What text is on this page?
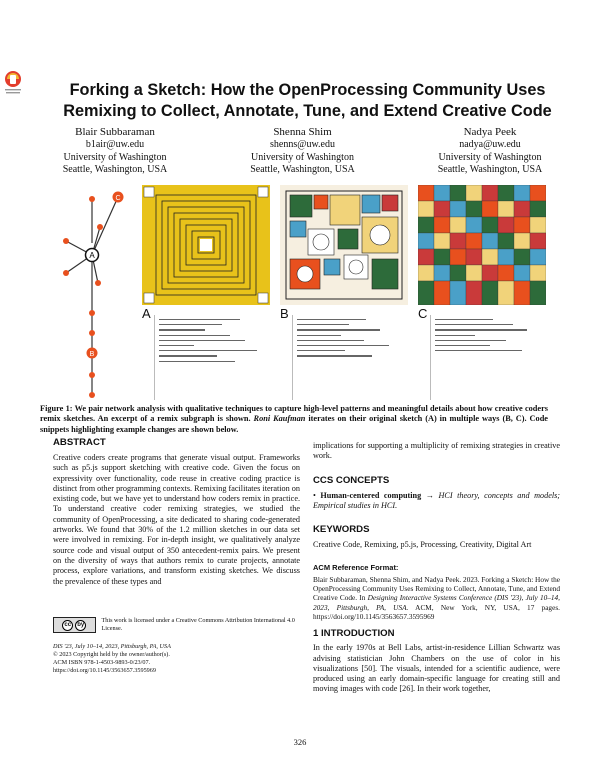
Forking a Sketch: How the OpenProcessing Community Uses Remixing to Collect, Annotate, Tune, and Extend Creative Code
Blair Subbaraman
b1air@uw.edu
University of Washington
Seattle, Washington, USA
Shenna Shim
shenns@uw.edu
University of Washington
Seattle, Washington, USA
Nadya Peek
nadya@uw.edu
University of Washington
Seattle, Washington, USA
A
B
C
A	B	C
Figure 1: We pair network analysis with qualitative techniques to capture high-level patterns and meaningful details about how creative coders remix sketches. An excerpt of a remix subgraph is shown. Roni Kaufman iterates on their original sketch (A) in multiple ways (B, C). Code snippets highlighting example changes are shown below.
ABSTRACT

Creative coders create programs that generate visual output. Frameworks such as p5.js support sketching with creative code. Given the focus on expressivity over functionality, code reuse in creative coding practice is distinct from other programming contexts. Remixing facilitates iteration on existing code, but we have yet to understand how coders remix in practice. To understand creative coder remixing strategies, we studied the community of OpenProcessing, a site dedicated to sharing code-generated artworks. We found that 30% of the 1.2 million sketches in our data set were involved in remixing. For in-depth insight, we qualitatively analyze source code and visual output of 350 antecedent-remix pairs. We present on the diversity of ways that authors remix to curate projects, annotate process, explore variations, and transform existing sketches. We discuss the prevalence of these types and

implications for supporting a multiplicity of remixing strategies in creative work.
CCS CONCEPTS

• Human-centered computing → HCI theory, concepts and models; Empirical studies in HCI.

KEYWORDS

Creative Code, Remixing, p5.js, Processing, Creativity, Digital Art

ACM Reference Format:

Blair Subbaraman, Shenna Shim, and Nadya Peek. 2023. Forking a Sketch: How the OpenProcessing Community Uses Remixing to Collect, Annotate, Tune, and Extend Creative Code. In Designing Interactive Systems Conference (DIS '23), July 10–14, 2023, Pittsburgh, PA, USA. ACM, New York, NY, USA, 17 pages. https://doi.org/10.1145/3563657.3595969

cc	by
This work is licensed under a Creative Commons Attribution International 4.0 License.
DIS '23, July 10–14, 2023, Pittsburgh, PA, USA
© 2023 Copyright held by the owner/author(s).
ACM ISBN 978-1-4503-9893-0/23/07.
https://doi.org/10.1145/3563657.3595969
1 INTRODUCTION

In the early 1970s at Bell Labs, artist-in-residence Lillian Schwartz was advising statistician John Chambers on the use of color in his visualizations [50]. The visuals, intended for a scientific audience, were produced using an early domain-specific language for creating still and moving images with code [26]. In their work together,

326
